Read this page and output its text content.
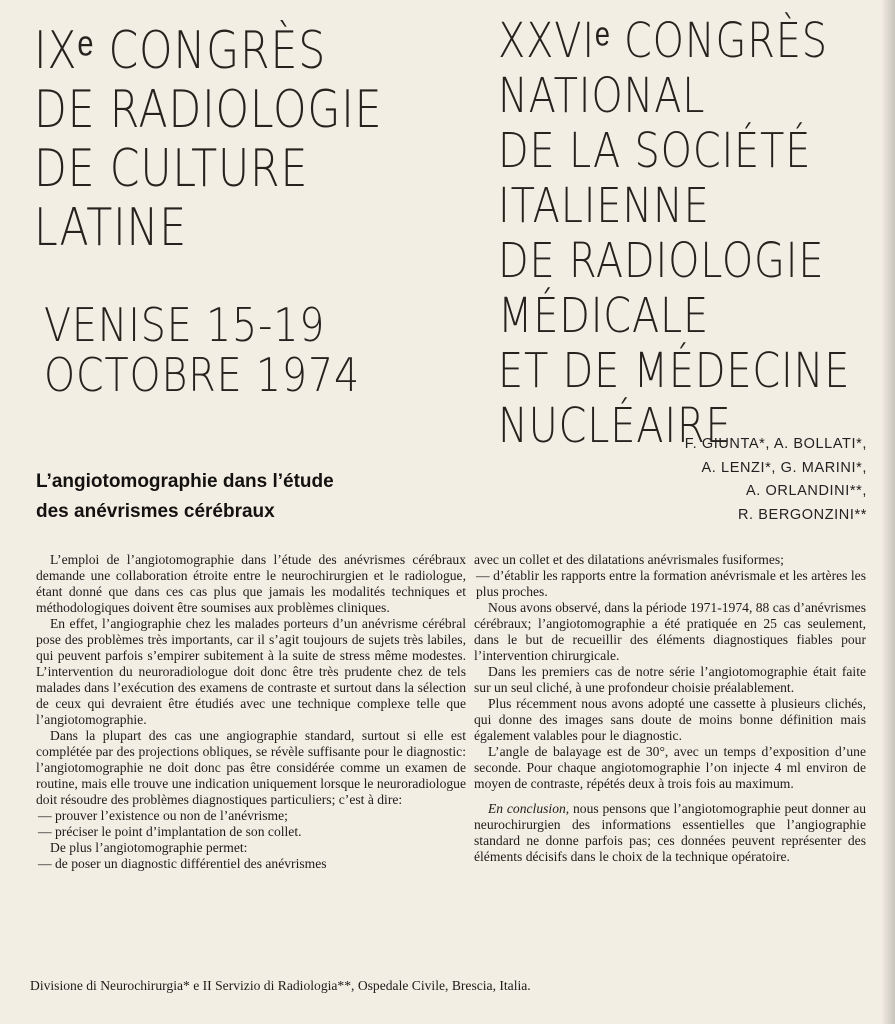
IXᵉ CONGRÈS
DE RADIOLOGIE
DE CULTURE
LATINE
VENISE 15-19
OCTOBRE 1974
XXVIᵉ CONGRÈS
NATIONAL
DE LA SOCIÉTÉ
ITALIENNE
DE RADIOLOGIE
MÉDICALE
ET DE MÉDECINE
NUCLÉAIRE
F. GIUNTA*, A. BOLLATI*,
A. LENZI*, G. MARINI*,
A. ORLANDINI**,
R. BERGONZINI**
L’angiotomographie dans l’étude
des anévrismes cérébraux

L’emploi de l’angiotomographie dans l’étude des anévrismes cérébraux demande une collaboration étroite entre le neurochirurgien et le radiologue, étant donné que dans ces cas plus que jamais les modalités techniques et méthodologiques doivent être soumises aux problèmes cliniques.

En effet, l’angiographie chez les malades porteurs d’un anévrisme cérébral pose des problèmes très importants, car il s’agit toujours de sujets très labiles, qui peuvent parfois s’empirer subitement à la suite de stress même modestes. L’intervention du neuroradiologue doit donc être très prudente chez de tels malades dans l’exécution des examens de contraste et surtout dans la sélection de ceux qui devraient être étudiés avec une technique complexe telle que l’angiotomographie.

Dans la plupart des cas une angiographie standard, surtout si elle est complétée par des projections obliques, se révèle suffisante pour le diagnostic: l’angiotomographie ne doit donc pas être considérée comme un examen de routine, mais elle trouve une indication uniquement lorsque le neuroradiologue doit résoudre des problèmes diagnostiques particuliers; c’est à dire:

— prouver l’existence ou non de l’anévrisme;

— préciser le point d’implantation de son collet.

De plus l’angiotomographie permet:

— de poser un diagnostic différentiel des anévrismes

avec un collet et des dilatations anévrismales fusiformes;

— d’établir les rapports entre la formation anévrismale et les artères les plus proches.

Nous avons observé, dans la période 1971-1974, 88 cas d’anévrismes cérébraux; l’angiotomographie a été pratiquée en 25 cas seulement, dans le but de recueillir des éléments diagnostiques fiables pour l’intervention chirurgicale.

Dans les premiers cas de notre série l’angiotomographie était faite sur un seul cliché, à une profondeur choisie préalablement.

Plus récemment nous avons adopté une cassette à plusieurs clichés, qui donne des images sans doute de moins bonne définition mais également valables pour le diagnostic.

L’angle de balayage est de 30°, avec un temps d’exposition d’une seconde. Pour chaque angiotomographie l’on injecte 4 ml environ de moyen de contraste, répétés deux à trois fois au maximum.

En conclusion, nous pensons que l’angiotomographie peut donner au neurochirurgien des informations essentielles que l’angiographie standard ne donne parfois pas; ces données peuvent représenter des éléments décisifs dans le choix de la technique opératoire.

Divisione di Neurochirurgia* e II Servizio di Radiologia**, Ospedale Civile, Brescia, Italia.
